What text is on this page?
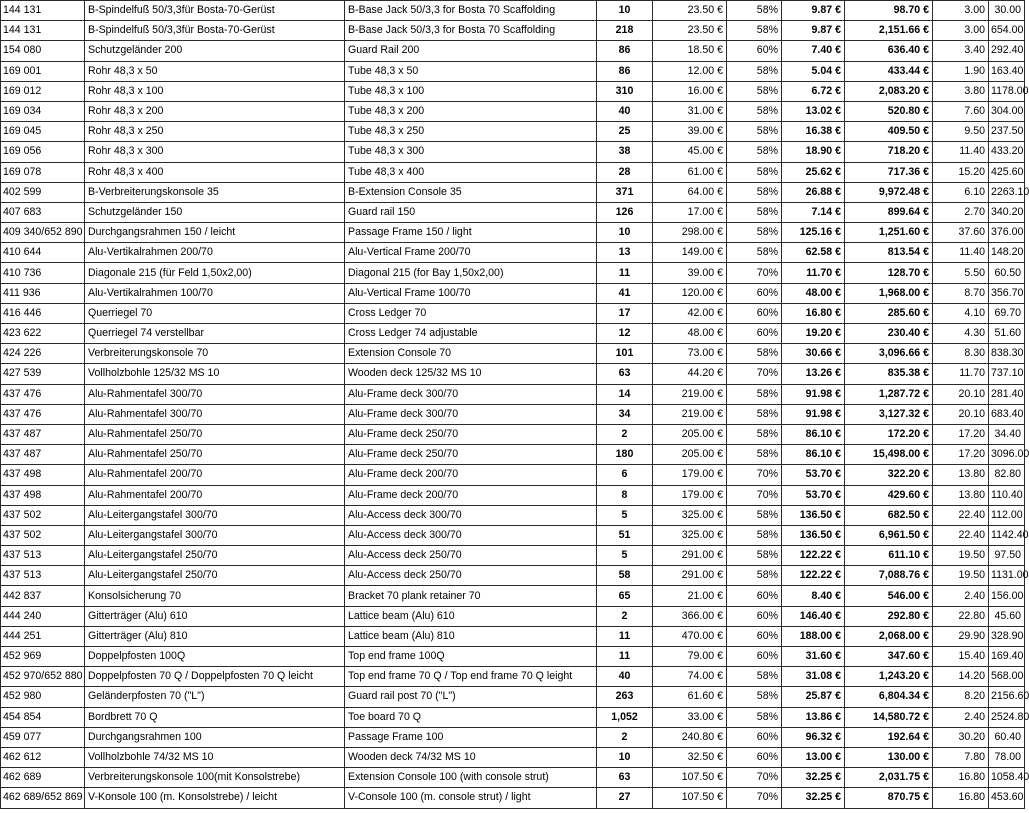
144 131	B-Spindelfuß 50/3,3für Bosta-70-Gerüst	B-Base Jack 50/3,3 for Bosta 70 Scaffolding	10	23.50 €	58%	9.87 €	98.70 €	3.00	30.00
144 131	B-Spindelfuß 50/3,3für Bosta-70-Gerüst	B-Base Jack 50/3,3 for Bosta 70 Scaffolding	218	23.50 €	58%	9.87 €	2,151.66 €	3.00	654.00
154 080	Schutzgeländer 200	Guard Rail 200	86	18.50 €	60%	7.40 €	636.40 €	3.40	292.40
169 001	Rohr 48,3 x 50	Tube 48,3 x 50	86	12.00 €	58%	5.04 €	433.44 €	1.90	163.40
169 012	Rohr 48,3 x 100	Tube 48,3 x 100	310	16.00 €	58%	6.72 €	2,083.20 €	3.80	1178.00
169 034	Rohr 48,3 x 200	Tube 48,3 x 200	40	31.00 €	58%	13.02 €	520.80 €	7.60	304.00
169 045	Rohr 48,3 x 250	Tube 48,3 x 250	25	39.00 €	58%	16.38 €	409.50 €	9.50	237.50
169 056	Rohr 48,3 x 300	Tube 48,3 x 300	38	45.00 €	58%	18.90 €	718.20 €	11.40	433.20
169 078	Rohr 48,3 x 400	Tube 48,3 x 400	28	61.00 €	58%	25.62 €	717.36 €	15.20	425.60
402 599	B-Verbreiterungskonsole 35	B-Extension Console 35	371	64.00 €	58%	26.88 €	9,972.48 €	6.10	2263.10
407 683	Schutzgeländer 150	Guard rail 150	126	17.00 €	58%	7.14 €	899.64 €	2.70	340.20
409 340/652 890	Durchgangsrahmen 150 / leicht	Passage Frame 150 / light	10	298.00 €	58%	125.16 €	1,251.60 €	37.60	376.00
410 644	Alu-Vertikalrahmen 200/70	Alu-Vertical Frame 200/70	13	149.00 €	58%	62.58 €	813.54 €	11.40	148.20
410 736	Diagonale 215 (für Feld 1,50x2,00)	Diagonal 215 (for Bay 1,50x2,00)	11	39.00 €	70%	11.70 €	128.70 €	5.50	60.50
411 936	Alu-Vertikalrahmen 100/70	Alu-Vertical Frame 100/70	41	120.00 €	60%	48.00 €	1,968.00 €	8.70	356.70
416 446	Querriegel 70	Cross Ledger 70	17	42.00 €	60%	16.80 €	285.60 €	4.10	69.70
423 622	Querriegel 74 verstellbar	Cross Ledger 74 adjustable	12	48.00 €	60%	19.20 €	230.40 €	4.30	51.60
424 226	Verbreiterungskonsole 70	Extension Console 70	101	73.00 €	58%	30.66 €	3,096.66 €	8.30	838.30
427 539	Vollholzbohle 125/32 MS 10	Wooden deck 125/32 MS 10	63	44.20 €	70%	13.26 €	835.38 €	11.70	737.10
437 476	Alu-Rahmentafel 300/70	Alu-Frame deck 300/70	14	219.00 €	58%	91.98 €	1,287.72 €	20.10	281.40
437 476	Alu-Rahmentafel 300/70	Alu-Frame deck 300/70	34	219.00 €	58%	91.98 €	3,127.32 €	20.10	683.40
437 487	Alu-Rahmentafel 250/70	Alu-Frame deck 250/70	2	205.00 €	58%	86.10 €	172.20 €	17.20	34.40
437 487	Alu-Rahmentafel 250/70	Alu-Frame deck 250/70	180	205.00 €	58%	86.10 €	15,498.00 €	17.20	3096.00
437 498	Alu-Rahmentafel 200/70	Alu-Frame deck 200/70	6	179.00 €	70%	53.70 €	322.20 €	13.80	82.80
437 498	Alu-Rahmentafel 200/70	Alu-Frame deck 200/70	8	179.00 €	70%	53.70 €	429.60 €	13.80	110.40
437 502	Alu-Leitergangstafel 300/70	Alu-Access deck 300/70	5	325.00 €	58%	136.50 €	682.50 €	22.40	112.00
437 502	Alu-Leitergangstafel 300/70	Alu-Access deck 300/70	51	325.00 €	58%	136.50 €	6,961.50 €	22.40	1142.40
437 513	Alu-Leitergangstafel 250/70	Alu-Access deck 250/70	5	291.00 €	58%	122.22 €	611.10 €	19.50	97.50
437 513	Alu-Leitergangstafel 250/70	Alu-Access deck 250/70	58	291.00 €	58%	122.22 €	7,088.76 €	19.50	1131.00
442 837	Konsolsicherung 70	Bracket 70 plank retainer 70	65	21.00 €	60%	8.40 €	546.00 €	2.40	156.00
444 240	Gitterträger (Alu) 610	Lattice beam (Alu) 610	2	366.00 €	60%	146.40 €	292.80 €	22.80	45.60
444 251	Gitterträger (Alu) 810	Lattice beam (Alu) 810	11	470.00 €	60%	188.00 €	2,068.00 €	29.90	328.90
452 969	Doppelpfosten 100Q	Top end frame 100Q	11	79.00 €	60%	31.60 €	347.60 €	15.40	169.40
452 970/652 880	Doppelpfosten 70 Q / Doppelpfosten 70 Q leicht	Top end frame 70 Q / Top end frame 70 Q leight	40	74.00 €	58%	31.08 €	1,243.20 €	14.20	568.00
452 980	Geländerpfosten 70 ("L")	Guard rail post 70 ("L")	263	61.60 €	58%	25.87 €	6,804.34 €	8.20	2156.60
454 854	Bordbrett 70 Q	Toe board 70 Q	1,052	33.00 €	58%	13.86 €	14,580.72 €	2.40	2524.80
459 077	Durchgangsrahmen 100	Passage Frame 100	2	240.80 €	60%	96.32 €	192.64 €	30.20	60.40
462 612	Vollholzbohle 74/32 MS 10	Wooden deck 74/32 MS 10	10	32.50 €	60%	13.00 €	130.00 €	7.80	78.00
462 689	Verbreiterungskonsole 100(mit Konsolstrebe)	Extension Console 100 (with console strut)	63	107.50 €	70%	32.25 €	2,031.75 €	16.80	1058.40
462 689/652 869	V-Konsole 100 (m. Konsolstrebe) / leicht	V-Console 100 (m. console strut) / light	27	107.50 €	70%	32.25 €	870.75 €	16.80	453.60
